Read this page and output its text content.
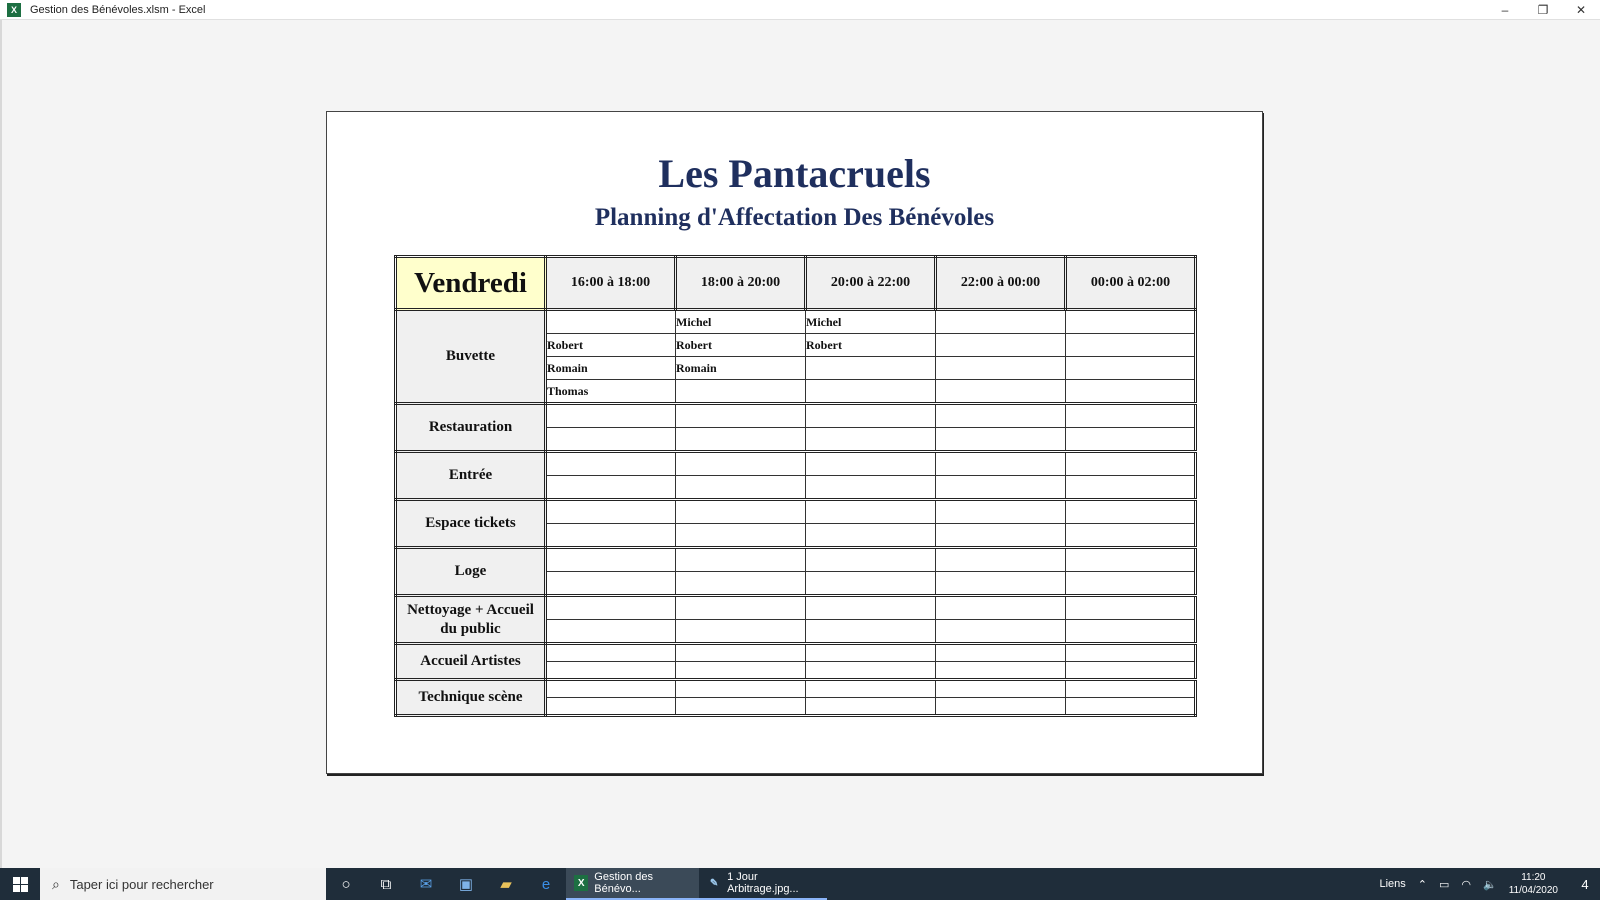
X	Gestion des Bénévoles.xlsm - Excel	–	❐	✕
Les Pantacruels
Planning d'Affectation Des Bénévoles
Vendredi	16:00 à 18:00	18:00 à 20:00	20:00 à 22:00	22:00 à 00:00	00:00 à 02:00
Buvette		Michel	Michel		
	Robert	Robert	Robert		
	Romain	Romain			
	Thomas				
Restauration					

Entrée					

Espace tickets					

Loge					

Nettoyage + Accueil du public					

Accueil Artistes					

Technique scène					

⌕ Taper ici pour rechercher	○	⧉	✉	▣	▰	e	X Gestion des Bénévo...	✎ 1 Jour Arbitrage.jpg...	Liens ⌃ ▭ ◠ 🔈
11:20
11/04/2020 4
